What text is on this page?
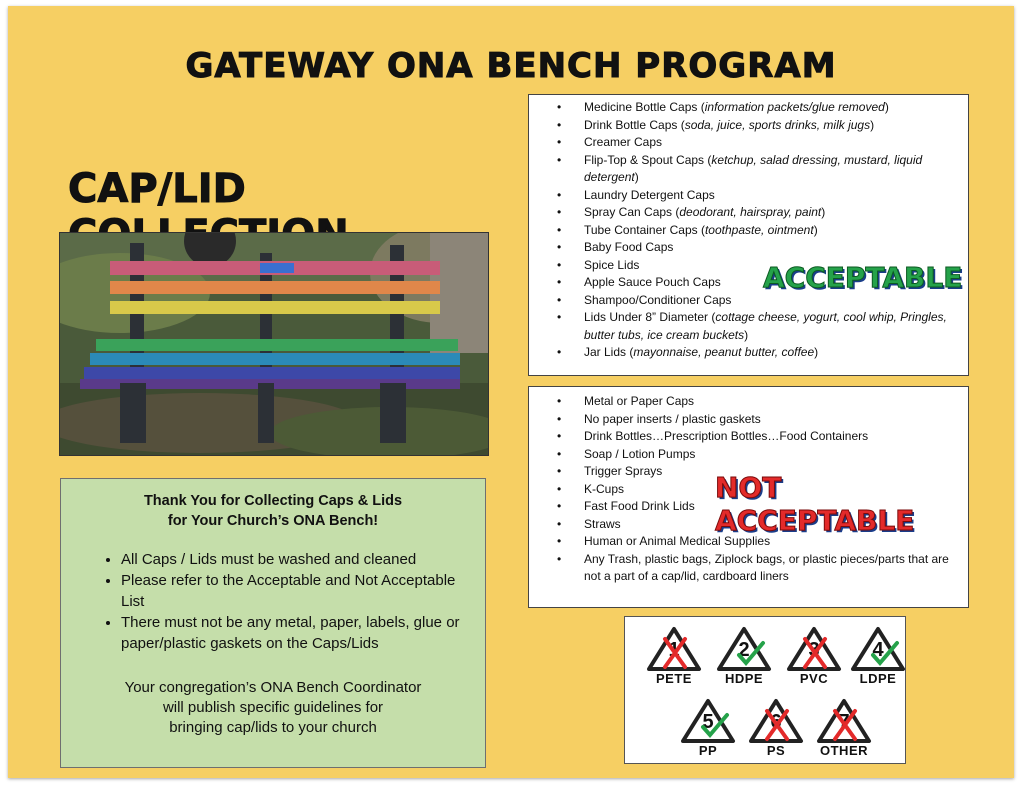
GATEWAY ONA BENCH PROGRAM
CAP/LID
Thank You for Collecting Caps & Lids
for Your Church’s ONA Bench!
• All Caps / Lids must be washed and cleaned
• Please refer to the Acceptable and Not Acceptable List
• There must not be any metal, paper, labels, glue or paper/plastic gaskets on the Caps/Lids
Your congregation’s ONA Bench Coordinator
will publish specific guidelines for
bringing cap/lids to your church
• Medicine Bottle Caps (information packets/glue removed)
• Drink Bottle Caps (soda, juice, sports drinks, milk jugs)
• Creamer Caps
• Flip-Top & Spout Caps (ketchup, salad dressing, mustard, liquid detergent)
• Laundry Detergent Caps
• Spray Can Caps (deodorant, hairspray, paint)
• Tube Container Caps (toothpaste, ointment)
• Baby Food Caps
• Spice Lids
• Apple Sauce Pouch Caps
• Shampoo/Conditioner Caps
• Lids Under 8” Diameter (cottage cheese, yogurt, cool whip, Pringles, butter tubs, ice cream buckets)
• Jar Lids (mayonnaise, peanut butter, coffee)
ACCEPTABLE
• Metal or Paper Caps
• No paper inserts / plastic gaskets
• Drink Bottles…Prescription Bottles…Food Containers
• Soap / Lotion Pumps
• Trigger Sprays
• K-Cups
• Fast Food Drink Lids
• Straws
• Human or Animal Medical Supplies
• Any Trash, plastic bags, Ziplock bags, or plastic pieces/parts that are not a part of a cap/lid, cardboard liners
NOT ACCEPTABLE
1
PETE
2
HDPE
3
PVC
4
LDPE
5
PP
6
PS
7
OTHER
